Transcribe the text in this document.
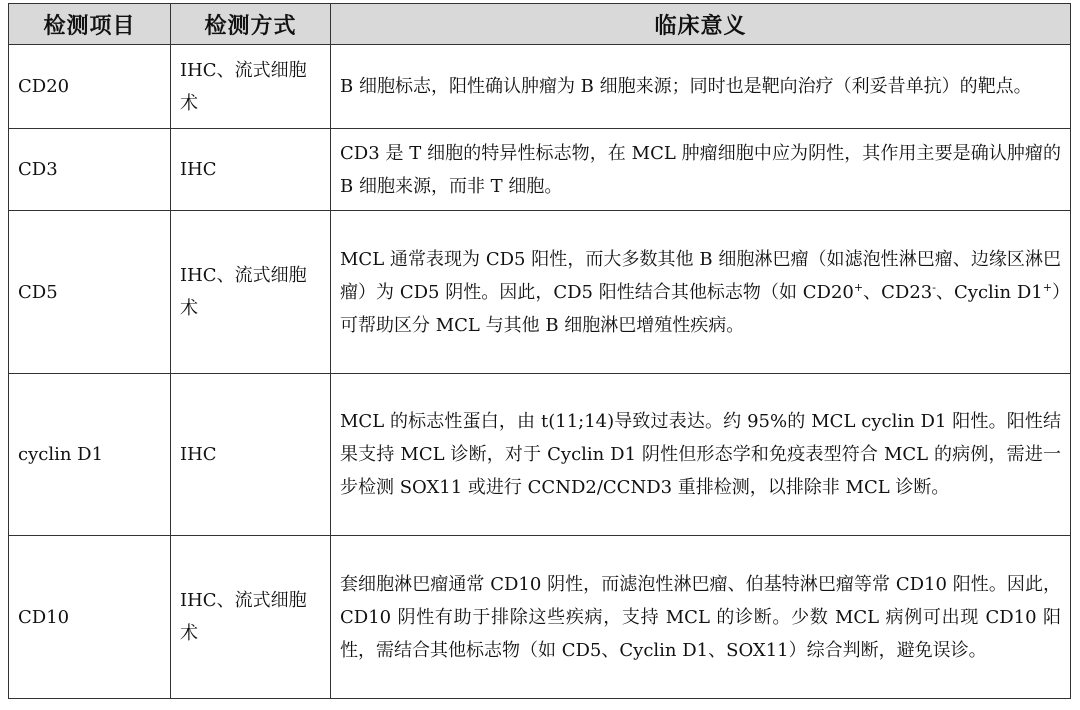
检测项目	检测方式	临床意义
CD20	IHC、流式细胞术	B 细胞标志，阳性确认肿瘤为 B 细胞来源；同时也是靶向治疗（利妥昔单抗）的靶点。
CD3	IHC	CD3 是 T 细胞的特异性标志物，在 MCL 肿瘤细胞中应为阴性，其作用主要是确认肿瘤的 B 细胞来源，而非 T 细胞。
CD5	IHC、流式细胞术	MCL 通常表现为 CD5 阳性，而大多数其他 B 细胞淋巴瘤（如滤泡性淋巴瘤、边缘区淋巴瘤）为 CD5 阴性。因此，CD5 阳性结合其他标志物（如 CD20+、CD23-、Cyclin D1+）可帮助区分 MCL 与其他 B 细胞淋巴增殖性疾病。
cyclin D1	IHC	MCL 的标志性蛋白，由 t(11;14)导致过表达。约 95%的 MCL cyclin D1 阳性。阳性结果支持 MCL 诊断，对于 Cyclin D1 阴性但形态学和免疫表型符合 MCL 的病例，需进一步检测 SOX11 或进行 CCND2/CCND3 重排检测，以排除非 MCL 诊断。
CD10	IHC、流式细胞术	套细胞淋巴瘤通常 CD10 阴性，而滤泡性淋巴瘤、伯基特淋巴瘤等常 CD10 阳性。因此，CD10 阴性有助于排除这些疾病，支持 MCL 的诊断。少数 MCL 病例可出现 CD10 阳性，需结合其他标志物（如 CD5、Cyclin D1、SOX11）综合判断，避免误诊。
